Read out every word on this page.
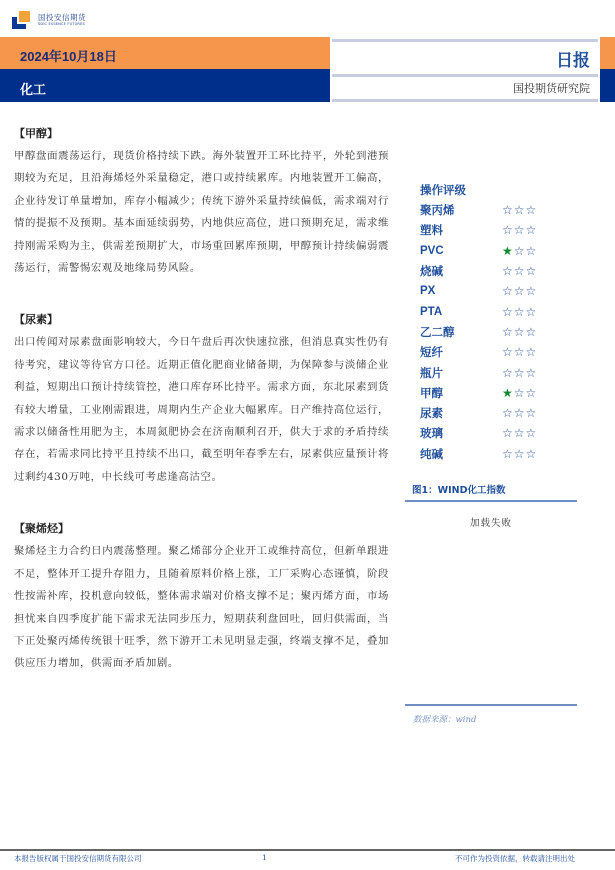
国投安信期货
SDIC ESSENCE FUTURES
2024年10月18日
化工
日报
国投期货研究院
【甲醇】

甲醇盘面震荡运行，现货价格持续下跌。海外装置开工环比持平，外轮到港预期较为充足，且沿海烯烃外采量稳定，港口或持续累库。内地装置开工偏高，企业待发订单量增加，库存小幅减少；传统下游外采量持续偏低，需求端对行情的提振不及预期。基本面延续弱势，内地供应高位，进口预期充足，需求维持刚需采购为主，供需差预期扩大，市场重回累库预期，甲醇预计持续偏弱震荡运行，需警惕宏观及地缘局势风险。

【尿素】

出口传闻对尿素盘面影响较大，今日午盘后再次快速拉涨，但消息真实性仍有待考究，建议等待官方口径。近期正值化肥商业储备期，为保障参与淡储企业利益，短期出口预计持续管控，港口库存环比持平。需求方面，东北尿素到货有较大增量，工业刚需跟进，周期内生产企业大幅累库。日产维持高位运行，需求以储备性用肥为主，本周氮肥协会在济南顺利召开，供大于求的矛盾持续存在，若需求同比持平且持续不出口，截至明年春季左右，尿素供应量预计将过剩约430万吨，中长线可考虑逢高沽空。

【聚烯烃】

聚烯烃主力合约日内震荡整理。聚乙烯部分企业开工或维持高位，但新单跟进不足，整体开工提升存阻力，且随着原料价格上涨，工厂采购心态谨慎，阶段性按需补库，投机意向较低，整体需求端对价格支撑不足；聚丙烯方面，市场担忧来自四季度扩能下需求无法同步压力，短期获利盘回吐，回归供需面，当下正处聚丙烯传统银十旺季，然下游开工未见明显走强，终端支撑不足，叠加供应压力增加，供需面矛盾加剧。

操作评级
聚丙烯	☆ ☆ ☆
塑料	☆ ☆ ☆
PVC	★ ☆ ☆
烧碱	☆ ☆ ☆
PX	☆ ☆ ☆
PTA	☆ ☆ ☆
乙二醇	☆ ☆ ☆
短纤	☆ ☆ ☆
瓶片	☆ ☆ ☆
甲醇	★ ☆ ☆
尿素	☆ ☆ ☆
玻璃	☆ ☆ ☆
纯碱	☆ ☆ ☆
图1：WIND化工指数
加载失败
数据来源：wind
本报告版权属于国投安信期货有限公司	1	不可作为投资依据，转载请注明出处
